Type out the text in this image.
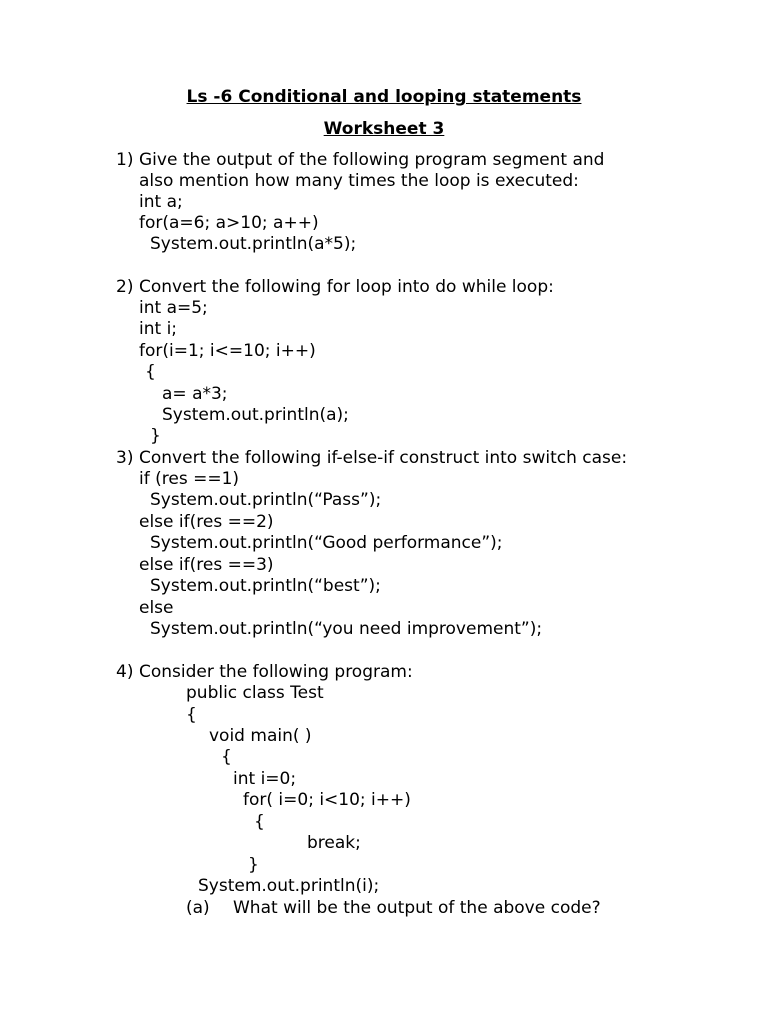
Ls -6 Conditional and looping statements
Worksheet 3
1) Give the output of the following program segment and
also mention how many times the loop is executed:
int a;
for(a=6; a>10; a++)
System.out.println(a*5);
2) Convert the following for loop into do while loop:
int a=5;
int i;
for(i=1; i<=10; i++)
{
a= a*3;
System.out.println(a);
}
3) Convert the following if-else-if construct into switch case:
if (res ==1)
System.out.println(“Pass”);
else if(res ==2)
System.out.println(“Good performance”);
else if(res ==3)
System.out.println(“best”);
else
System.out.println(“you need improvement”);
4) Consider the following program:
public class Test
{
void main( )
{
int i=0;
for( i=0; i<10; i++)
{
break;
}
System.out.println(i);
(a) What will be the output of the above code?
